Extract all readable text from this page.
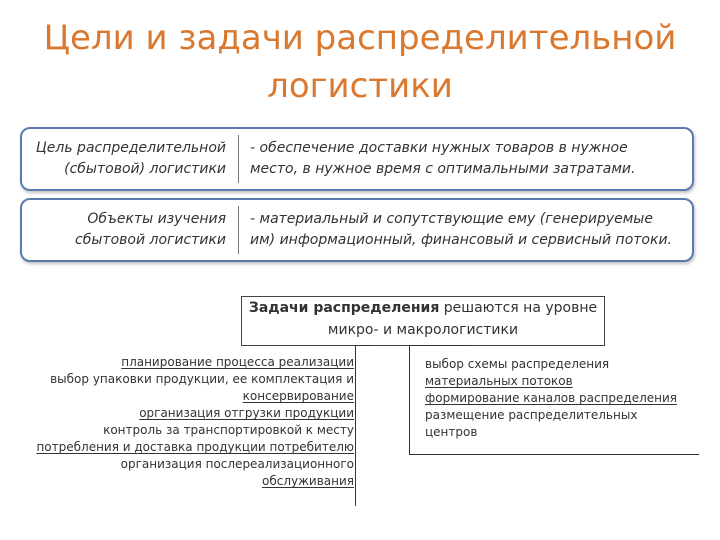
Цели и задачи распределительной
логистики
Цель распределительной
(сбытовой) логистики
- обеспечение доставки нужных товаров в нужное
место, в нужное время с оптимальными затратами.
Объекты изучения
сбытовой логистики
- материальный и сопутствующие ему (генерируемые
им) информационный, финансовый и сервисный потоки.
Задачи распределения решаются на уровне
микро- и макрологистики
планирование процесса реализации
выбор упаковки продукции, ее комплектация и
консервирование
организация отгрузки продукции
контроль за транспортировкой к месту
потребления и доставка продукции потребителю
организация послереализационного
обслуживания
выбор схемы распределения
материальных потоков
формирование каналов распределения
размещение распределительных
центров
